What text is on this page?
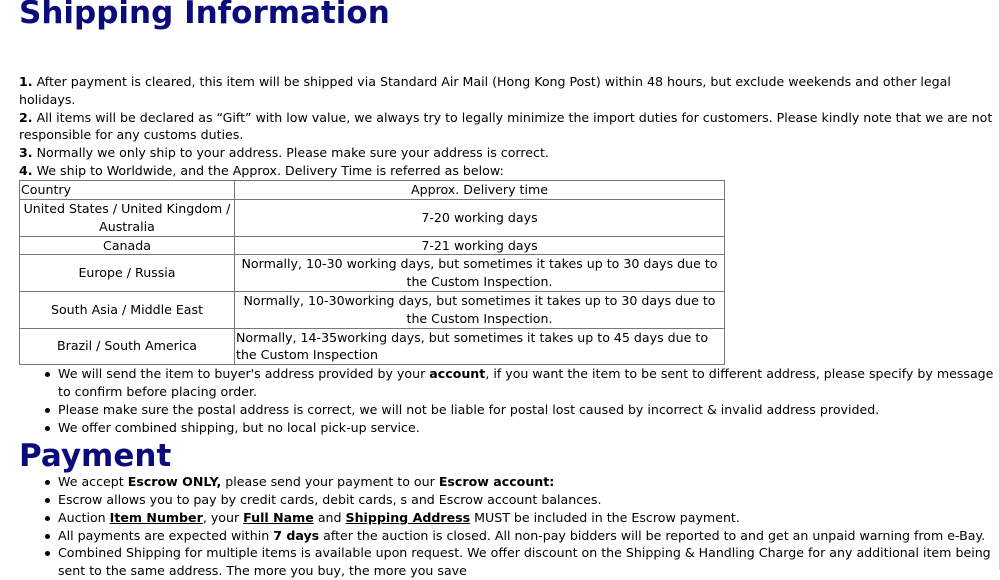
Shipping Information

1. After payment is cleared, this item will be shipped via Standard Air Mail (Hong Kong Post) within 48 hours, but exclude weekends and other legal holidays.

2. All items will be declared as “Gift” with low value, we always try to legally minimize the import duties for customers. Please kindly note that we are not responsible for any customs duties.

3. Normally we only ship to your address. Please make sure your address is correct.

4. We ship to Worldwide, and the Approx. Delivery Time is referred as below:

Country	Approx. Delivery time
United States / United Kingdom / Australia	7-20 working days
Canada	7-21 working days
Europe / Russia	Normally, 10-30 working days, but sometimes it takes up to 30 days due to the Custom Inspection.
South Asia / Middle East	Normally, 10-30working days, but sometimes it takes up to 30 days due to the Custom Inspection.
Brazil / South America	Normally, 14-35working days, but sometimes it takes up to 45 days due to the Custom Inspection
We will send the item to buyer's address provided by your account, if you want the item to be sent to different address, please specify by message to confirm before placing order.
Please make sure the postal address is correct, we will not be liable for postal lost caused by incorrect & invalid address provided.
We offer combined shipping, but no local pick-up service.
Payment
We accept Escrow ONLY, please send your payment to our Escrow account:
Escrow allows you to pay by credit cards, debit cards, s and Escrow account balances.
Auction Item Number, your Full Name and Shipping Address MUST be included in the Escrow payment.
All payments are expected within 7 days after the auction is closed. All non-pay bidders will be reported to and get an unpaid warning from e-Bay.
Combined Shipping for multiple items is available upon request. We offer discount on the Shipping & Handling Charge for any additional item being sent to the same address. The more you buy, the more you save
